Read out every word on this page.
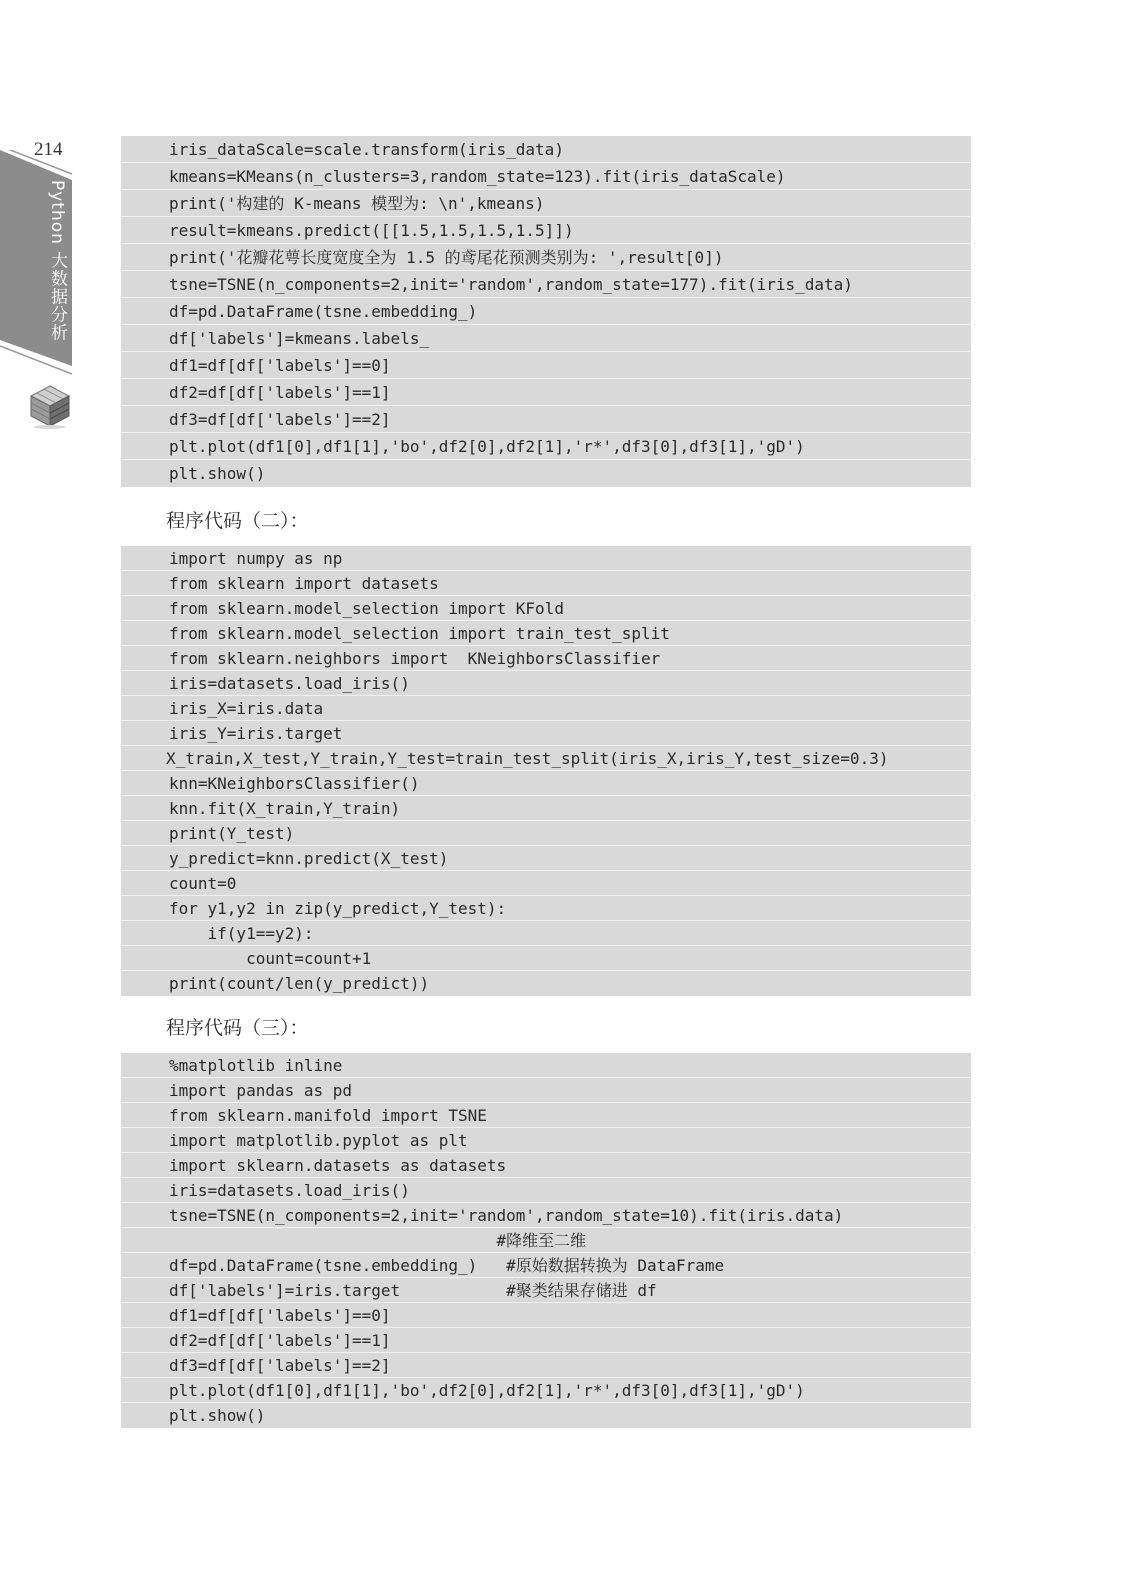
214
Python 大数据分析
iris_dataScale=scale.transform(iris_data)
kmeans=KMeans(n_clusters=3,random_state=123).fit(iris_dataScale)
print('构建的 K-means 模型为: \n',kmeans)
result=kmeans.predict([[1.5,1.5,1.5,1.5]])
print('花瓣花萼长度宽度全为 1.5 的鸢尾花预测类别为: ',result[0])
tsne=TSNE(n_components=2,init='random',random_state=177).fit(iris_data)
df=pd.DataFrame(tsne.embedding_)
df['labels']=kmeans.labels_
df1=df[df['labels']==0]
df2=df[df['labels']==1]
df3=df[df['labels']==2]
plt.plot(df1[0],df1[1],'bo',df2[0],df2[1],'r*',df3[0],df3[1],'gD')
plt.show()
程序代码（二）：
import numpy as np
from sklearn import datasets
from sklearn.model_selection import KFold
from sklearn.model_selection import train_test_split
from sklearn.neighbors import  KNeighborsClassifier
iris=datasets.load_iris()
iris_X=iris.data
iris_Y=iris.target
X_train,X_test,Y_train,Y_test=train_test_split(iris_X,iris_Y,test_size=0.3)
knn=KNeighborsClassifier()
knn.fit(X_train,Y_train)
print(Y_test)
y_predict=knn.predict(X_test)
count=0
for y1,y2 in zip(y_predict,Y_test):
if(y1==y2):
count=count+1
print(count/len(y_predict))
程序代码（三）：
%matplotlib inline
import pandas as pd
from sklearn.manifold import TSNE
import matplotlib.pyplot as plt
import sklearn.datasets as datasets
iris=datasets.load_iris()
tsne=TSNE(n_components=2,init='random',random_state=10).fit(iris.data)
#降维至二维
df=pd.DataFrame(tsne.embedding_)   #原始数据转换为 DataFrame
df['labels']=iris.target           #聚类结果存储进 df
df1=df[df['labels']==0]
df2=df[df['labels']==1]
df3=df[df['labels']==2]
plt.plot(df1[0],df1[1],'bo',df2[0],df2[1],'r*',df3[0],df3[1],'gD')
plt.show()
